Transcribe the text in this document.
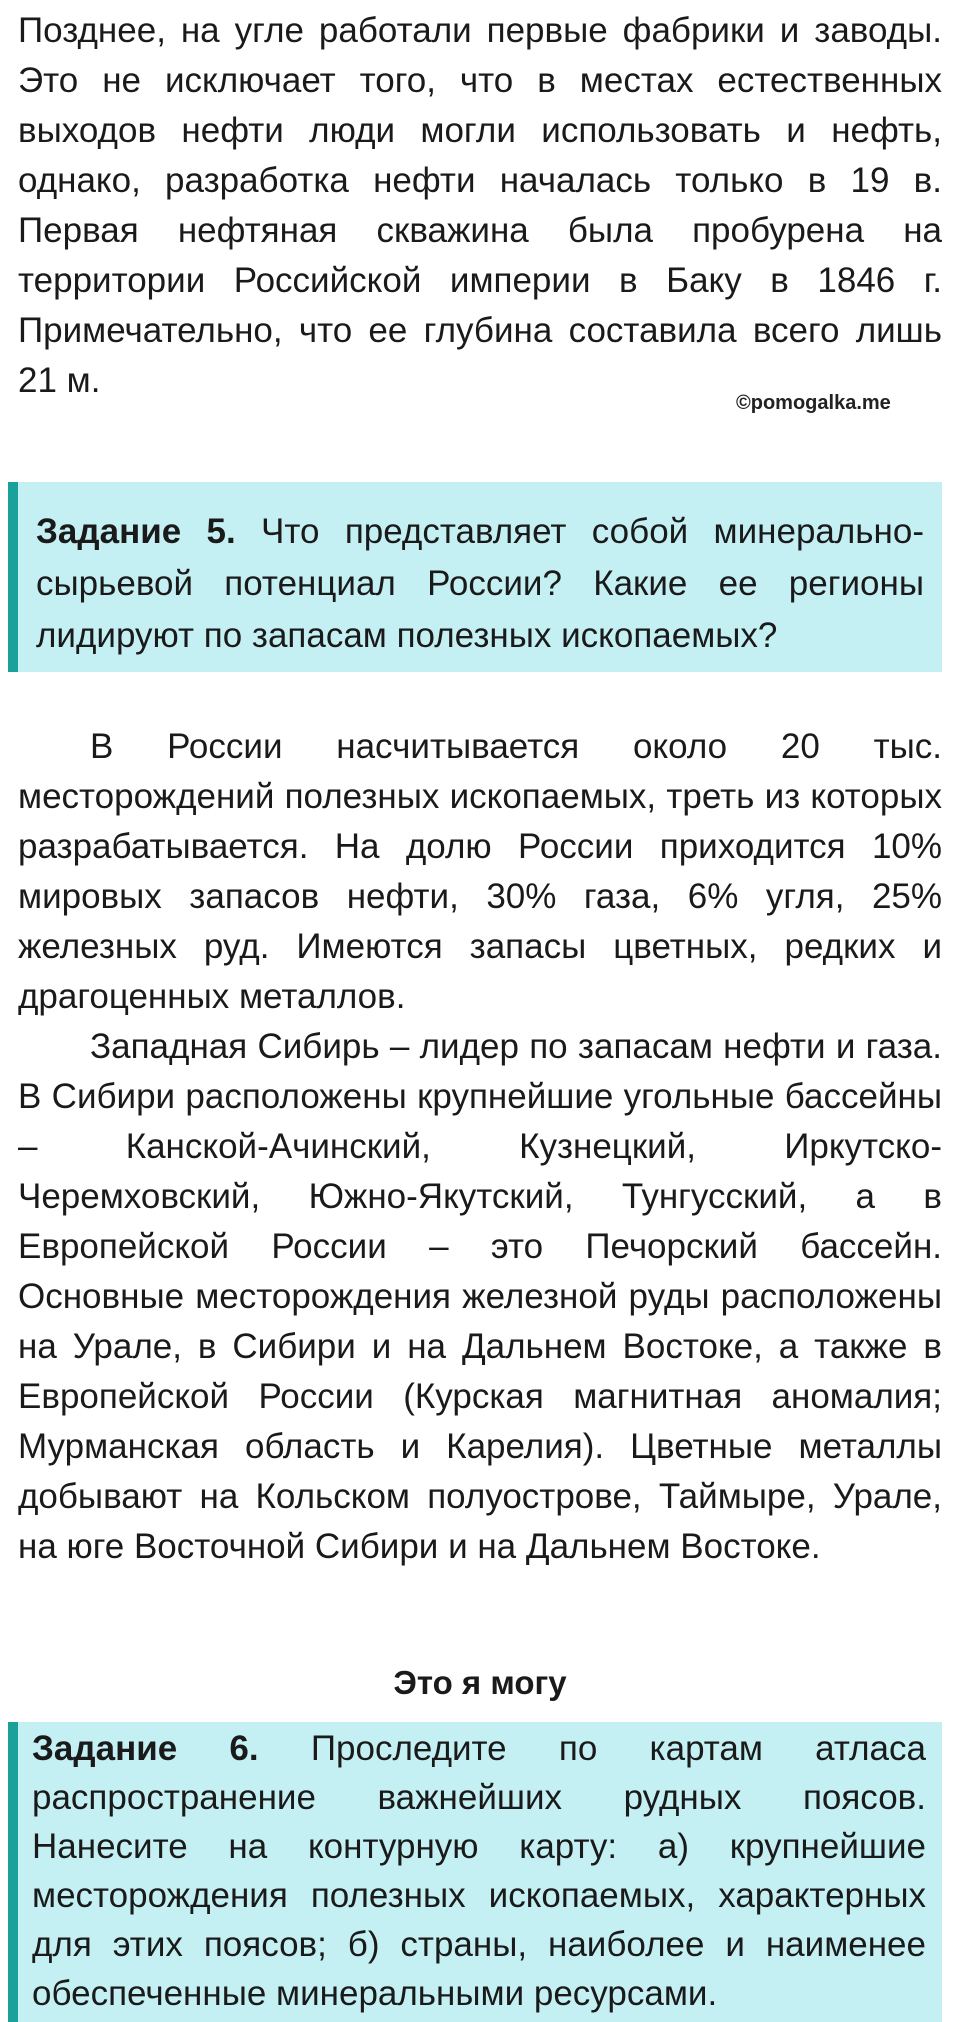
Позднее, на угле работали первые фабрики и заводы. Это не исключает того, что в местах естественных выходов нефти люди могли использовать и нефть, однако, разработка нефти началась только в 19 в. Первая нефтяная скважина была пробурена на территории Российской империи в Баку в 1846 г. Примечательно, что ее глубина составила всего лишь 21 м.

©pomogalka.me

Задание 5. Что представляет собой минерально-сырьевой потенциал России? Какие ее регионы лидируют по запасам полезных ископаемых?

В России насчитывается около 20 тыс. месторождений полезных ископаемых, треть из которых разрабатывается. На долю России приходится 10% мировых запасов нефти, 30% газа, 6% угля, 25% железных руд. Имеются запасы цветных, редких и драгоценных металлов.

Западная Сибирь – лидер по запасам нефти и газа. В Сибири расположены крупнейшие угольные бассейны – Канской-Ачинский, Кузнецкий, Иркутско-Черемховский, Южно-Якутский, Тунгусский, а в Европейской России – это Печорский бассейн. Основные месторождения железной руды расположены на Урале, в Сибири и на Дальнем Востоке, а также в Европейской России (Курская магнитная аномалия; Мурманская область и Карелия). Цветные металлы добывают на Кольском полуострове, Таймыре, Урале, на юге Восточной Сибири и на Дальнем Востоке.

Это я могу

Задание 6. Проследите по картам атласа распространение важнейших рудных поясов. Нанесите на контурную карту: а) крупнейшие месторождения полезных ископаемых, характерных для этих поясов; б) страны, наиболее и наименее обеспеченные минеральными ресурсами.
